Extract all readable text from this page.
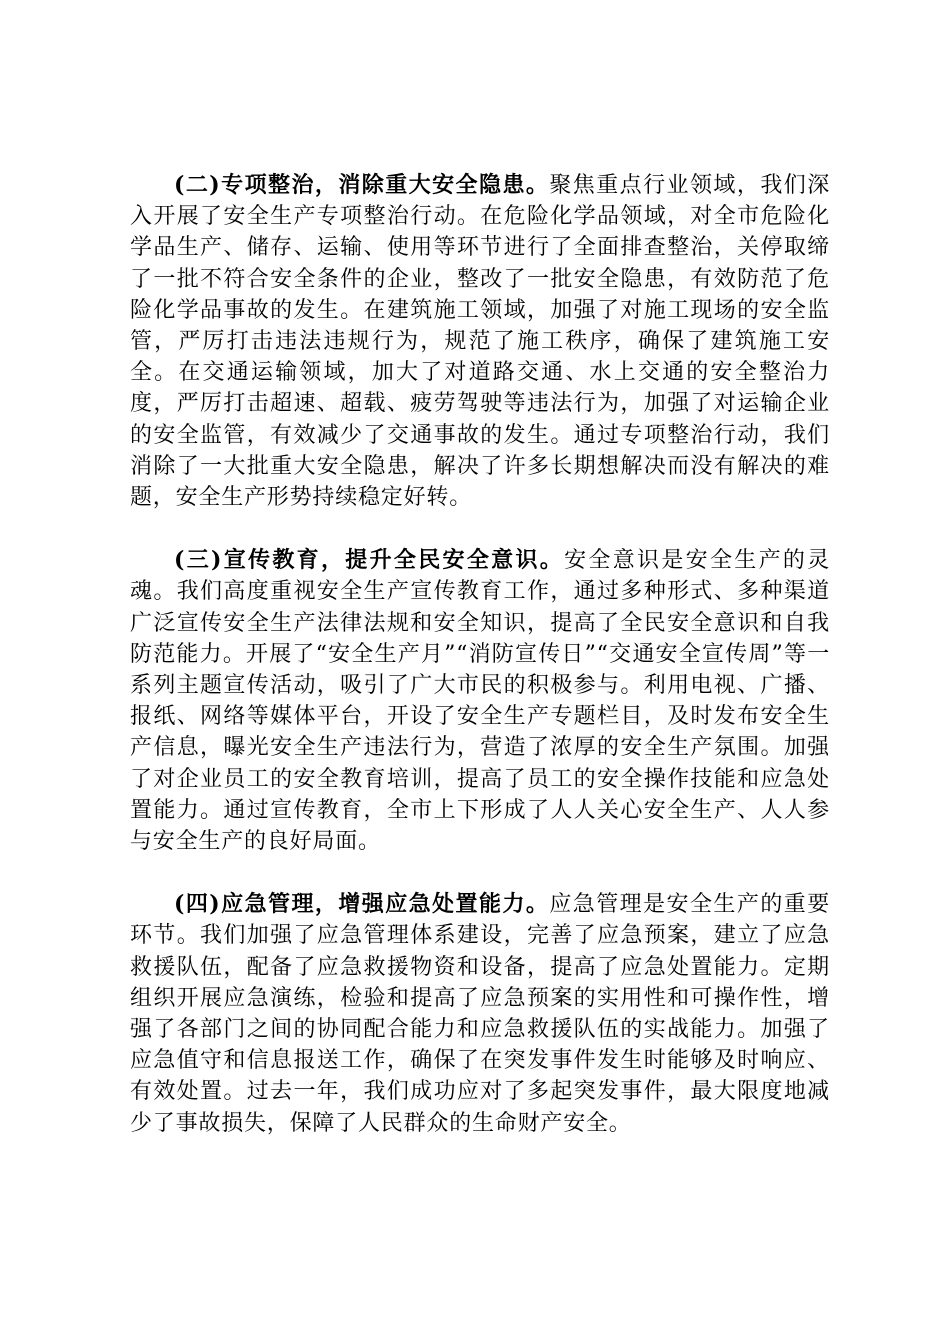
(二)专项整治，消除重大安全隐患。聚焦重点行业领域，我们深入开展了安全生产专项整治行动。在危险化学品领域，对全市危险化学品生产、储存、运输、使用等环节进行了全面排查整治，关停取缔了一批不符合安全条件的企业，整改了一批安全隐患，有效防范了危险化学品事故的发生。在建筑施工领域，加强了对施工现场的安全监管，严厉打击违法违规行为，规范了施工秩序，确保了建筑施工安全。在交通运输领域，加大了对道路交通、水上交通的安全整治力度，严厉打击超速、超载、疲劳驾驶等违法行为，加强了对运输企业的安全监管，有效减少了交通事故的发生。通过专项整治行动，我们消除了一大批重大安全隐患，解决了许多长期想解决而没有解决的难题，安全生产形势持续稳定好转。

(三)宣传教育，提升全民安全意识。安全意识是安全生产的灵魂。我们高度重视安全生产宣传教育工作，通过多种形式、多种渠道广泛宣传安全生产法律法规和安全知识，提高了全民安全意识和自我防范能力。开展了“安全生产月”“消防宣传日”“交通安全宣传周”等一系列主题宣传活动，吸引了广大市民的积极参与。利用电视、广播、报纸、网络等媒体平台，开设了安全生产专题栏目，及时发布安全生产信息，曝光安全生产违法行为，营造了浓厚的安全生产氛围。加强了对企业员工的安全教育培训，提高了员工的安全操作技能和应急处置能力。通过宣传教育，全市上下形成了人人关心安全生产、人人参与安全生产的良好局面。

(四)应急管理，增强应急处置能力。应急管理是安全生产的重要环节。我们加强了应急管理体系建设，完善了应急预案，建立了应急救援队伍，配备了应急救援物资和设备，提高了应急处置能力。定期组织开展应急演练，检验和提高了应急预案的实用性和可操作性，增强了各部门之间的协同配合能力和应急救援队伍的实战能力。加强了应急值守和信息报送工作，确保了在突发事件发生时能够及时响应、有效处置。过去一年，我们成功应对了多起突发事件，最大限度地减少了事故损失，保障了人民群众的生命财产安全。
